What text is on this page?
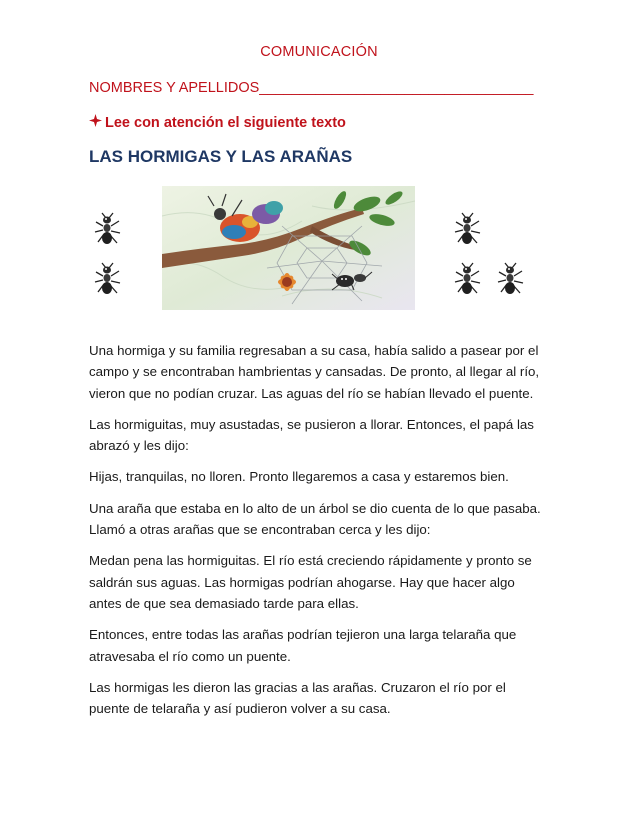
COMUNICACIÓN
NOMBRES Y APELLIDOS__________________________________
Lee con atención el siguiente texto
LAS HORMIGAS Y LAS ARAÑAS

Una hormiga y su familia regresaban a su casa, había salido a pasear por el campo y se encontraban hambrientas y cansadas. De pronto, al llegar al río, vieron que no podían cruzar. Las aguas del río se habían llevado el puente.

Las hormiguitas, muy asustadas, se pusieron a llorar. Entonces, el papá las abrazó y les dijo:

Hijas, tranquilas, no lloren. Pronto llegaremos a casa y estaremos bien.

Una araña que estaba en lo alto de un árbol se dio cuenta de lo que pasaba. Llamó a otras arañas que se encontraban cerca y les dijo:

Medan pena las hormiguitas. El río está creciendo rápidamente y pronto se saldrán sus aguas. Las hormigas podrían ahogarse. Hay que hacer algo antes de que sea demasiado tarde para ellas.

Entonces, entre todas las arañas podrían tejieron una larga telaraña que atravesaba el río como un puente.

Las hormigas les dieron las gracias a las arañas. Cruzaron el río por el puente de telaraña y así pudieron volver a su casa.
